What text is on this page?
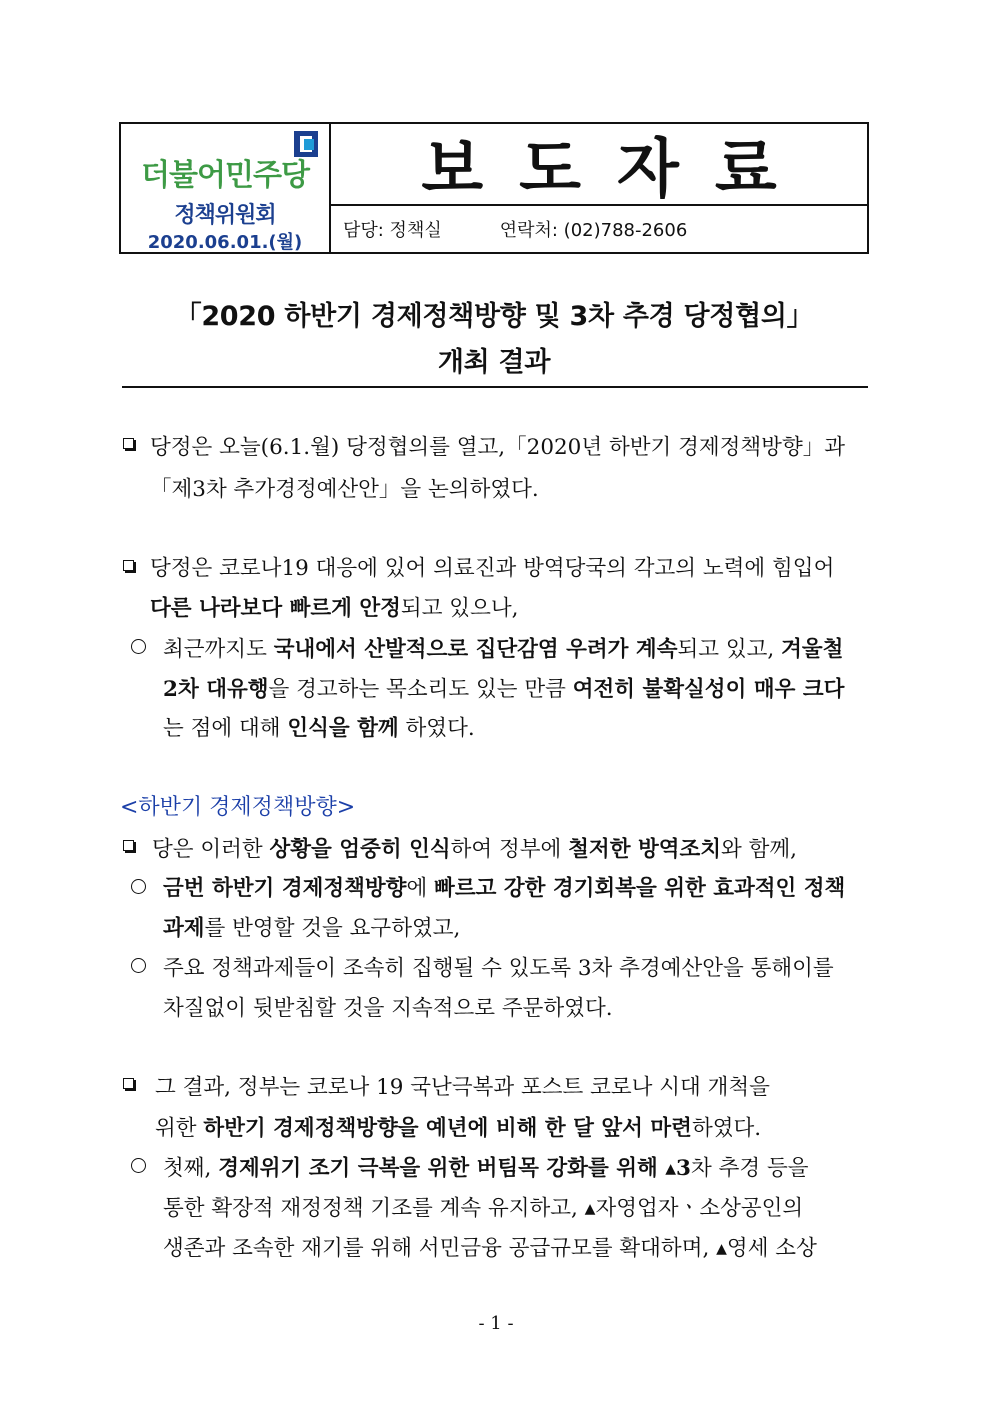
더불어민주당
정책위원회
2020.06.01.(월)
보도자료
담당: 정책실	연락처: (02)788-2606
「2020 하반기 경제정책방향 및 3차 추경 당정협의」
개최 결과
당정은 오늘(6.1.월) 당정협의를 열고,「2020년 하반기 경제정책방향」과
「제3차 추가경정예산안」을 논의하였다.
당정은 코로나19 대응에 있어 의료진과 방역당국의 각고의 노력에 힘입어
다른 나라보다 빠르게 안정되고 있으나,
최근까지도 국내에서 산발적으로 집단감염 우려가 계속되고 있고, 겨울철
2차 대유행을 경고하는 목소리도 있는 만큼 여전히 불확실성이 매우 크다
는 점에 대해 인식을 함께 하였다.
<하반기 경제정책방향>
당은 이러한 상황을 엄중히 인식하여 정부에 철저한 방역조치와 함께,
금번 하반기 경제정책방향에 빠르고 강한 경기회복을 위한 효과적인 정책
과제를 반영할 것을 요구하였고,
주요 정책과제들이 조속히 집행될 수 있도록 3차 추경예산안을 통해이를
차질없이 뒷받침할 것을 지속적으로 주문하였다.
그 결과, 정부는 코로나 19 국난극복과 포스트 코로나 시대 개척을
위한 하반기 경제정책방향을 예년에 비해 한 달 앞서 마련하였다.
첫째, 경제위기 조기 극복을 위한 버팀목 강화를 위해 ▴3차 추경 등을
통한 확장적 재정정책 기조를 계속 유지하고, ▴자영업자ㆍ소상공인의
생존과 조속한 재기를 위해 서민금융 공급규모를 확대하며, ▴영세 소상
- 1 -
